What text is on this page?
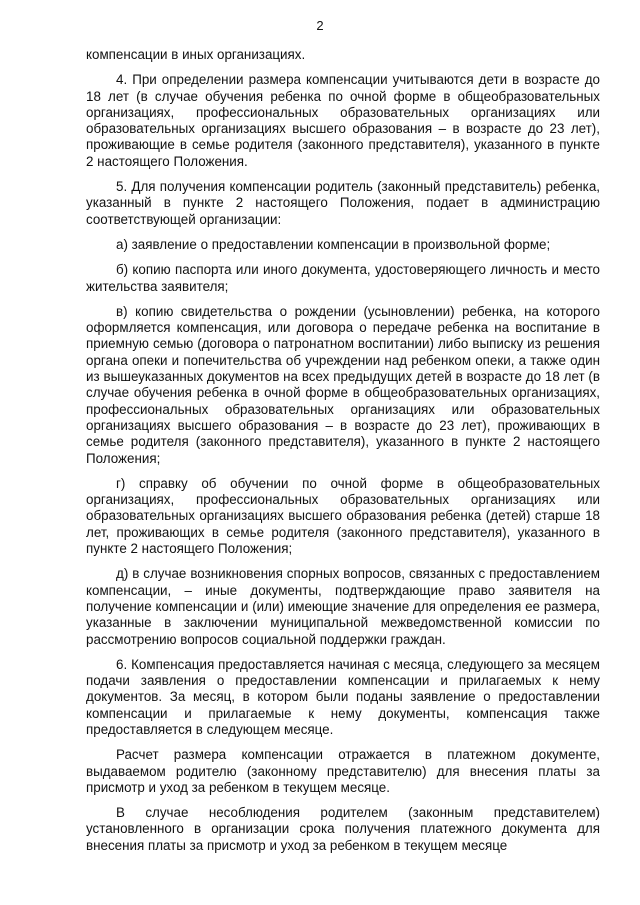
2

компенсации в иных организациях.

4. При определении размера компенсации учитываются дети в возрасте до 18 лет (в случае обучения ребенка по очной форме в общеобразовательных организациях, профессиональных образовательных организациях или образовательных организациях высшего образования – в возрасте до 23 лет), проживающие в семье родителя (законного представителя), указанного в пункте 2 настоящего Положения.

5. Для получения компенсации родитель (законный представитель) ребенка, указанный в пункте 2 настоящего Положения, подает в администрацию соответствующей организации:

а) заявление о предоставлении компенсации в произвольной форме;

б) копию паспорта или иного документа, удостоверяющего личность и место жительства заявителя;

в) копию свидетельства о рождении (усыновлении) ребенка, на которого оформляется компенсация, или договора о передаче ребенка на воспитание в приемную семью (договора о патронатном воспитании) либо выписку из решения органа опеки и попечительства об учреждении над ребенком опеки, а также один из вышеуказанных документов на всех предыдущих детей в возрасте до 18 лет (в случае обучения ребенка в очной форме в общеобразовательных организациях, профессиональных образовательных организациях или образовательных организациях высшего образования – в возрасте до 23 лет), проживающих в семье родителя (законного представителя), указанного в пункте 2 настоящего Положения;

г) справку об обучении по очной форме в общеобразовательных организациях, профессиональных образовательных организациях или образовательных организациях высшего образования ребенка (детей) старше 18 лет, проживающих в семье родителя (законного представителя), указанного в пункте 2 настоящего Положения;

д) в случае возникновения спорных вопросов, связанных с предоставлением компенсации, – иные документы, подтверждающие право заявителя на получение компенсации и (или) имеющие значение для определения ее размера, указанные в заключении муниципальной межведомственной комиссии по рассмотрению вопросов социальной поддержки граждан.

6. Компенсация предоставляется начиная с месяца, следующего за месяцем подачи заявления о предоставлении компенсации и прилагаемых к нему документов. За месяц, в котором были поданы заявление о предоставлении компенсации и прилагаемые к нему документы, компенсация также предоставляется в следующем месяце.

Расчет размера компенсации отражается в платежном документе, выдаваемом родителю (законному представителю) для внесения платы за присмотр и уход за ребенком в текущем месяце.

В случае несоблюдения родителем (законным представителем) установленного в организации срока получения платежного документа для внесения платы за присмотр и уход за ребенком в текущем месяце
